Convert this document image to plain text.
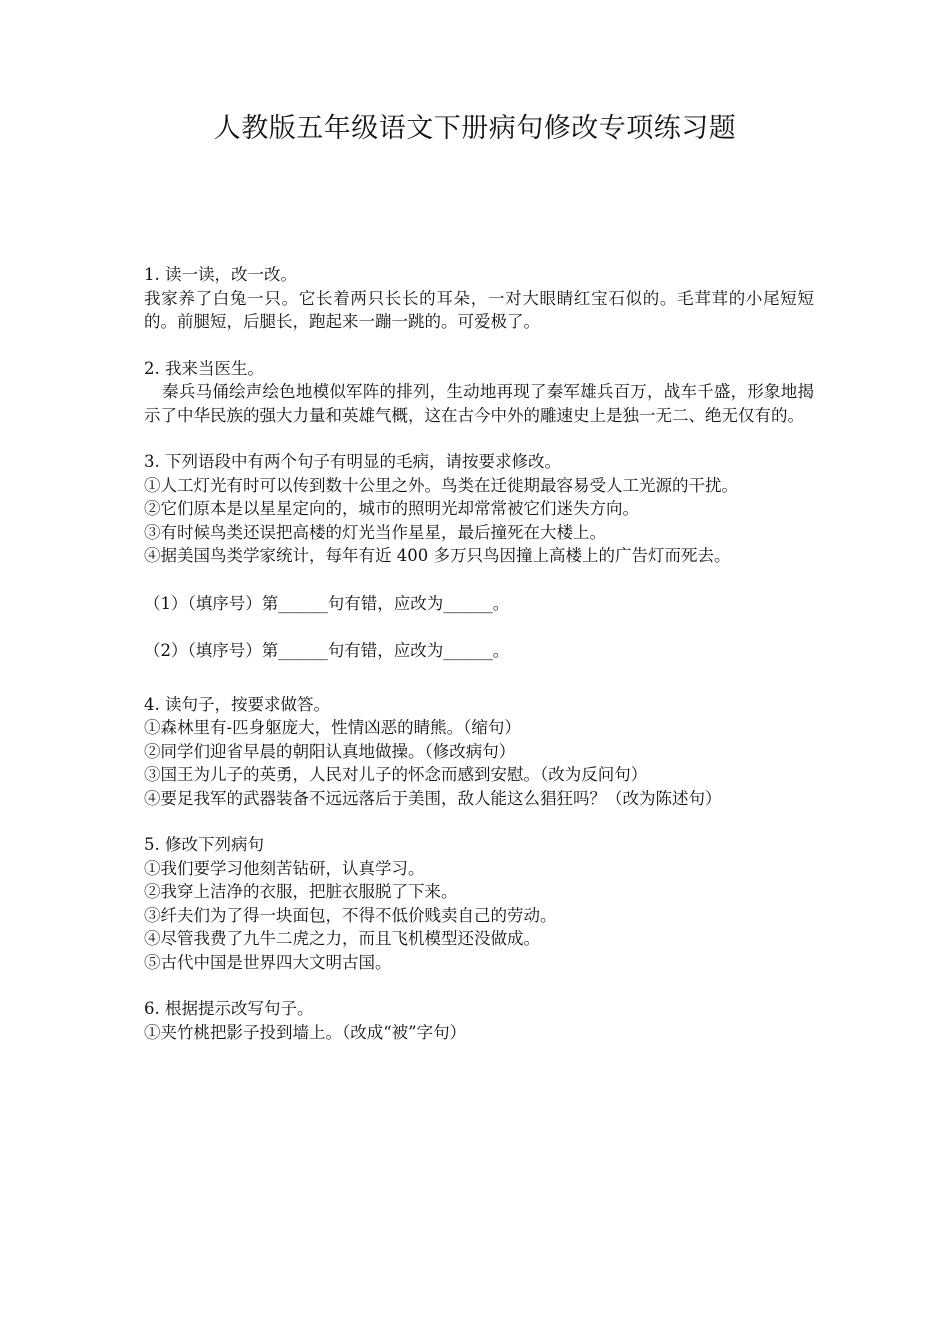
人教版五年级语文下册病句修改专项练习题
1. 读一读，改一改。
我家养了白兔一只。它长着两只长长的耳朵，一对大眼睛红宝石似的。毛茸茸的小尾短短的。前腿短，后腿长，跑起来一蹦一跳的。可爱极了。
2. 我来当医生。
秦兵马俑绘声绘色地模似军阵的排列，生动地再现了秦军雄兵百万，战车千盛，形象地揭示了中华民族的强大力量和英雄气概，这在古今中外的雕速史上是独一无二、绝无仅有的。
3. 下列语段中有两个句子有明显的毛病，请按要求修改。
①人工灯光有时可以传到数十公里之外。鸟类在迁徙期最容易受人工光源的干扰。
②它们原本是以星星定向的，城市的照明光却常常被它们迷失方向。
③有时候鸟类还误把高楼的灯光当作星星，最后撞死在大楼上。
④据美国鸟类学家统计，每年有近 400 多万只鸟因撞上高楼上的广告灯而死去。
（1）（填序号）第______句有错，应改为______。
（2）（填序号）第______句有错，应改为______。
4. 读句子，按要求做答。
①森林里有-匹身躯庞大，性情凶恶的睛熊。（缩句）
②同学们迎省早晨的朝阳认真地做操。（修改病句）
③国王为儿子的英勇，人民对儿子的怀念而感到安慰。（改为反问句）
④要足我军的武器装备不远远落后于美围，敌人能这么猖狂吗？（改为陈述句）
5. 修改下列病句
①我们要学习他刻苦钻研，认真学习。
②我穿上洁净的衣服，把脏衣服脱了下来。
③纤夫们为了得一块面包，不得不低价贱卖自己的劳动。
④尽管我费了九牛二虎之力，而且飞机模型还没做成。
⑤古代中国是世界四大文明古国。
6. 根据提示改写句子。
①夹竹桃把影子投到墙上。（改成“被”字句）
